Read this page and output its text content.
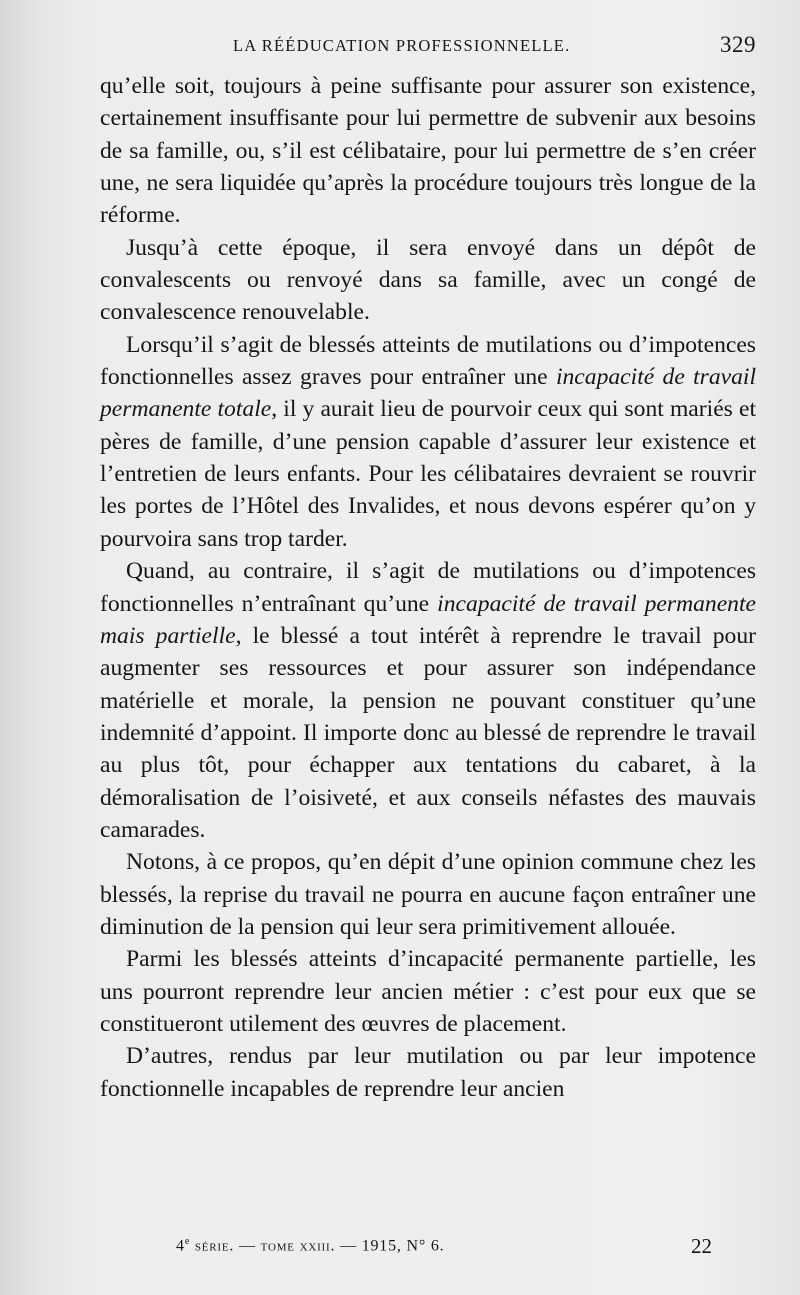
LA RÉÉDUCATION PROFESSIONNELLE.	329

qu’elle soit, toujours à peine suffisante pour assurer son existence, certainement insuffisante pour lui permettre de subvenir aux besoins de sa famille, ou, s’il est célibataire, pour lui permettre de s’en créer une, ne sera liquidée qu’après la procédure toujours très longue de la réforme.

Jusqu’à cette époque, il sera envoyé dans un dépôt de convalescents ou renvoyé dans sa famille, avec un congé de convalescence renouvelable.

Lorsqu’il s’agit de blessés atteints de mutilations ou d’impotences fonctionnelles assez graves pour entraîner une incapacité de travail permanente totale, il y aurait lieu de pourvoir ceux qui sont mariés et pères de famille, d’une pension capable d’assurer leur existence et l’entretien de leurs enfants. Pour les célibataires devraient se rouvrir les portes de l’Hôtel des Invalides, et nous devons espérer qu’on y pourvoira sans trop tarder.

Quand, au contraire, il s’agit de mutilations ou d’impotences fonctionnelles n’entraînant qu’une incapacité de travail permanente mais partielle, le blessé a tout intérêt à reprendre le travail pour augmenter ses ressources et pour assurer son indépendance matérielle et morale, la pension ne pouvant constituer qu’une indemnité d’appoint. Il importe donc au blessé de reprendre le travail au plus tôt, pour échapper aux tentations du cabaret, à la démoralisation de l’oisiveté, et aux conseils néfastes des mauvais camarades.

Notons, à ce propos, qu’en dépit d’une opinion commune chez les blessés, la reprise du travail ne pourra en aucune façon entraîner une diminution de la pension qui leur sera primitivement allouée.

Parmi les blessés atteints d’incapacité permanente partielle, les uns pourront reprendre leur ancien métier : c’est pour eux que se constitueront utilement des œuvres de placement.

D’autres, rendus par leur mutilation ou par leur impotence fonctionnelle incapables de reprendre leur ancien

4e série. — tome xxiii. — 1915, N° 6.	22
